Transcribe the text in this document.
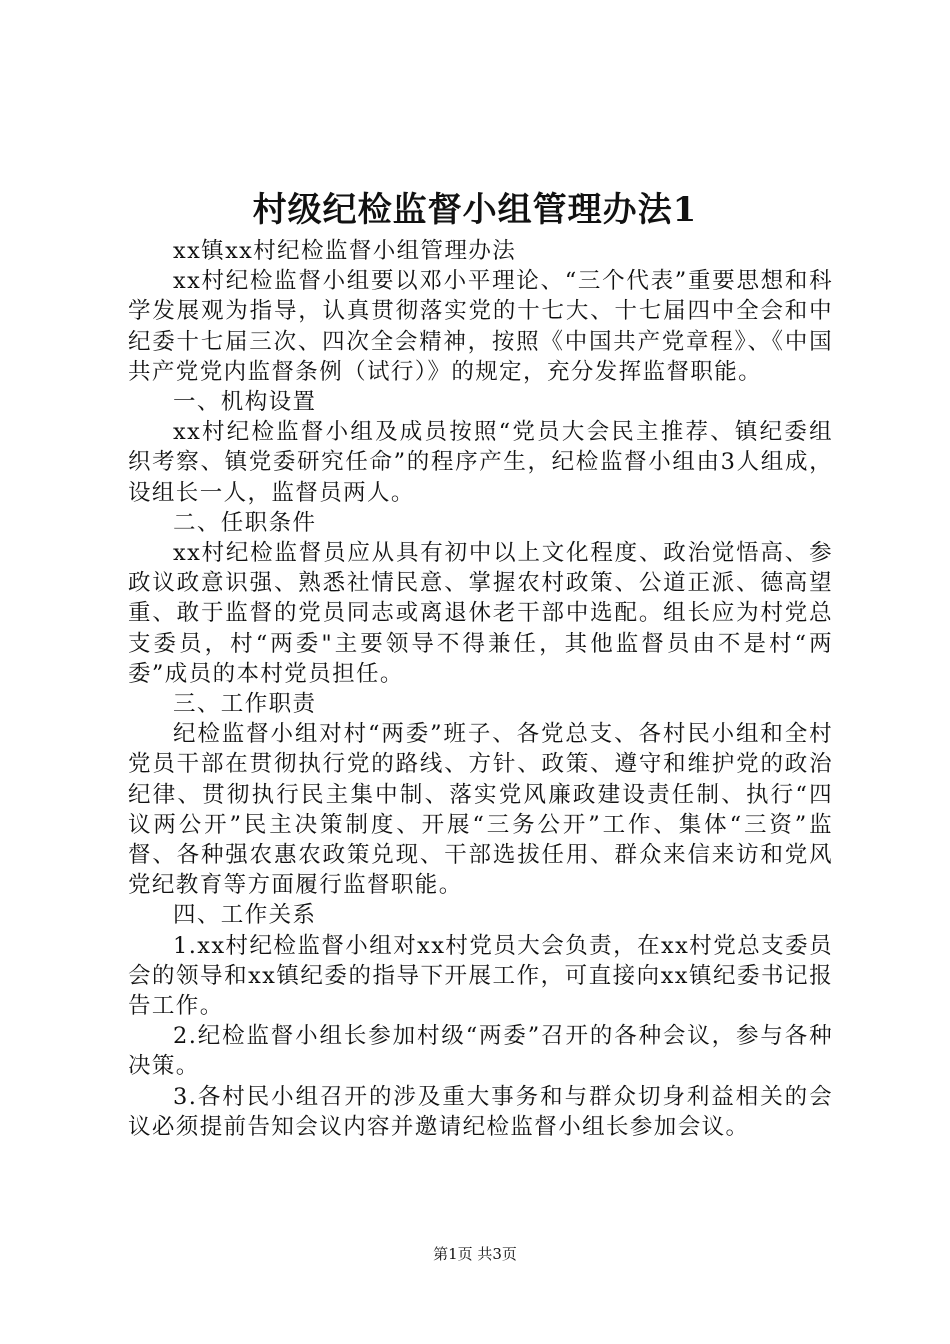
村级纪检监督小组管理办法1

xx镇xx村纪检监督小组管理办法

xx村纪检监督小组要以邓小平理论、“三个代表”重要思想和科学发展观为指导，认真贯彻落实党的十七大、十七届四中全会和中纪委十七届三次、四次全会精神，按照《中国共产党章程》、《中国共产党党内监督条例（试行）》的规定，充分发挥监督职能。

一、机构设置

xx村纪检监督小组及成员按照“党员大会民主推荐、镇纪委组织考察、镇党委研究任命”的程序产生，纪检监督小组由3人组成，设组长一人，监督员两人。

二、任职条件

xx村纪检监督员应从具有初中以上文化程度、政治觉悟高、参政议政意识强、熟悉社情民意、掌握农村政策、公道正派、德高望重、敢于监督的党员同志或离退休老干部中选配。组长应为村党总支委员，村“两委"主要领导不得兼任，其他监督员由不是村“两委”成员的本村党员担任。

三、工作职责

纪检监督小组对村“两委”班子、各党总支、各村民小组和全村党员干部在贯彻执行党的路线、方针、政策、遵守和维护党的政治纪律、贯彻执行民主集中制、落实党风廉政建设责任制、执行“四议两公开”民主决策制度、开展“三务公开”工作、集体“三资”监督、各种强农惠农政策兑现、干部选拔任用、群众来信来访和党风党纪教育等方面履行监督职能。

四、工作关系

1.xx村纪检监督小组对xx村党员大会负责，在xx村党总支委员会的领导和xx镇纪委的指导下开展工作，可直接向xx镇纪委书记报告工作。

2.纪检监督小组长参加村级“两委”召开的各种会议，参与各种决策。

3.各村民小组召开的涉及重大事务和与群众切身利益相关的会议必须提前告知会议内容并邀请纪检监督小组长参加会议。

第1页 共3页
